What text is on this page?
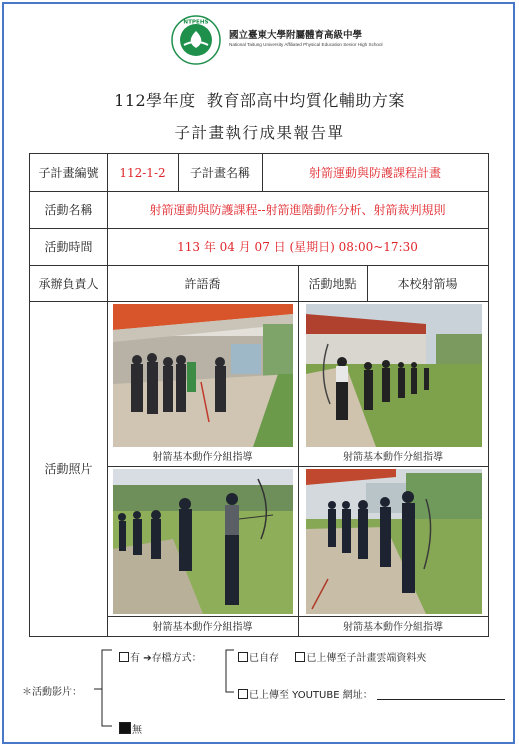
NTPEHS
國立臺東大學附屬體育高級中學
National Taitung University Affiliated Physical Education Senior High School
112學年度  教育部高中均質化輔助方案
子計畫執行成果報告單
子計畫編號	112-1-2	子計畫名稱	射箭運動與防護課程計畫
活動名稱	射箭運動與防護課程--射箭進階動作分析、射箭裁判規則
活動時間	113 年 04 月 07 日 (星期日) 08:00~17:30
承辦負責人	許語喬	活動地點	本校射箭場
活動照片
射箭基本動作分組指導	射箭基本動作分組指導
射箭基本動作分組指導	射箭基本動作分組指導
＊活動影片：
有 ➔存檔方式：	已自存	已上傳至子計畫雲端資料夾
已上傳至 YOUTUBE 網址：
無
